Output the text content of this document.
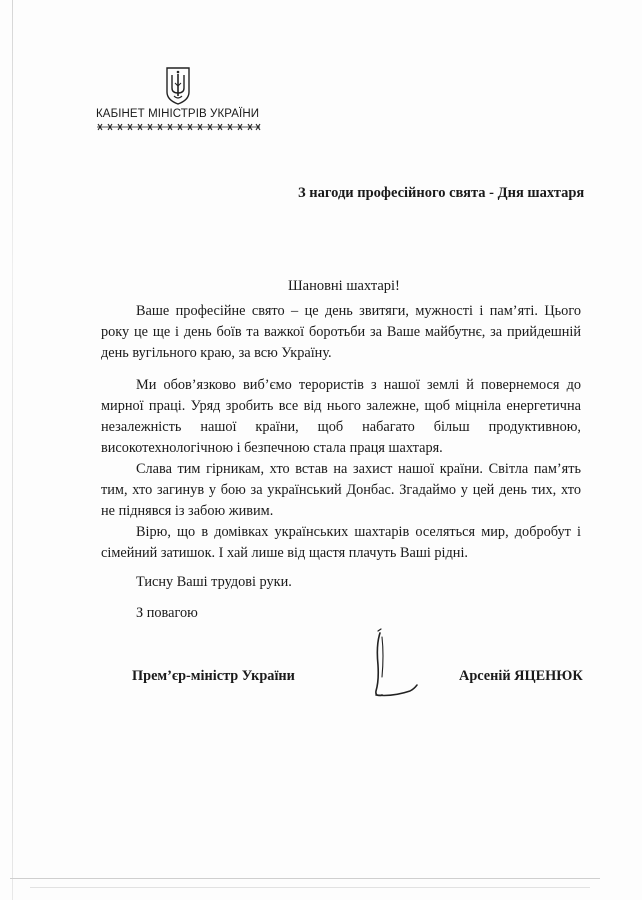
КАБІНЕТ МІНІСТРІВ УКРАЇНИ
З нагоди професійного свята - Дня шахтаря
Шановні шахтарі!
Ваше професійне свято – це день звитяги, мужності і пам’яті. Цього
року це ще і день боїв та важкої боротьби за Ваше майбутнє, за прийдешній
день вугільного краю, за всю Україну.
Ми обов’язково виб’ємо терористів з нашої землі й повернемося до
мирної праці. Уряд зробить все від нього залежне, щоб міцніла енергетична
незалежність нашої країни, щоб набагато більш продуктивною,
високотехнологічною і безпечною стала праця шахтаря.
Слава тим гірникам, хто встав на захист нашої країни. Світла пам’ять
тим, хто загинув у бою за український Донбас. Згадаймо у цей день тих, хто
не піднявся із забою живим.
Вірю, що в домівках українських шахтарів оселяться мир, добробут і
сімейний затишок. І хай лише від щастя плачуть Ваші рідні.
Тисну Ваші трудові руки.
З повагою
Прем’єр-міністр України	Арсеній ЯЦЕНЮК
